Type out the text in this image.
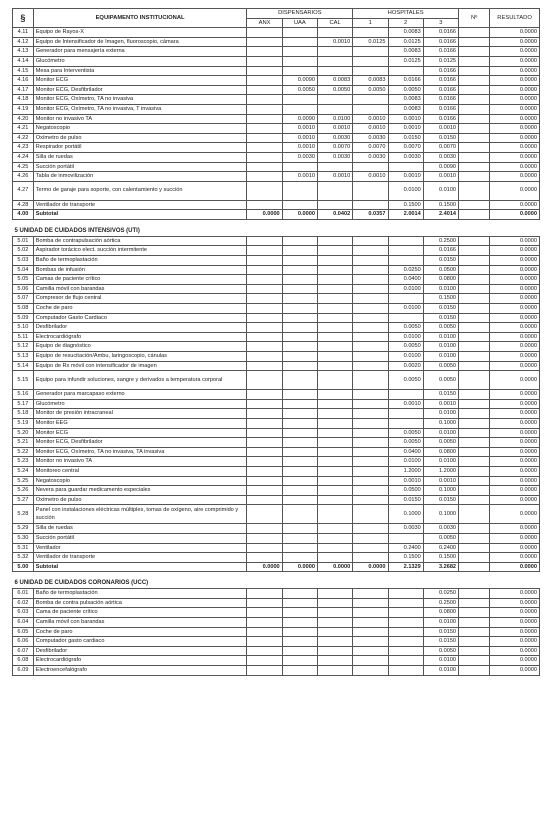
§	EQUIPAMENTO INSTITUCIONAL	DISPENSARIOS			HOSPITALES			Nº	RESULTADO
		ANX	UAA	CAL	1	2	3		
4.11	Equipo de Rayos-X					0.0083	0.0166		0.0000
4.12	Equipo de Intensificador de Imagen, fluoroscopio, cámara			0.0010	0.0125	0.0125	0.0166		0.0000
4.13	Generador para mensajería externa					0.0083	0.0166		0.0000
4.14	Glucómetro					0.0125	0.0125		0.0000
4.15	Mesa para Interventista						0.0166		0.0000
4.16	Monitor ECG		0.0090	0.0083	0.0083	0.0166	0.0166		0.0000
4.17	Monitor ECG, Desfibrilador		0.0050	0.0050	0.0050	0.0050	0.0166		0.0000
4.18	Monitor ECG, Oxímetro, TA no invasiva					0.0083	0.0166		0.0000
4.19	Monitor ECG, Oxímetro, TA no invasiva, T invasiva					0.0083	0.0166		0.0000
4.20	Monitor no invasivo TA		0.0090	0.0100	0.0010	0.0010	0.0166		0.0000
4.21	Negatoscopio		0.0010	0.0010	0.0010	0.0010	0.0010		0.0000
4.22	Oxímetro de pulso		0.0010	0.0030	0.0030	0.0150	0.0150		0.0000
4.23	Respirador portátil		0.0010	0.0070	0.0070	0.0070	0.0070		0.0000
4.24	Silla de ruedas		0.0030	0.0030	0.0030	0.0030	0.0030		0.0000
4.25	Succión portátil						0.0090		0.0000
4.26	Tabla de inmovilización		0.0010	0.0010	0.0010	0.0010	0.0010		0.0000
4.27	Termo de garaje para soporte, con calentamiento y succión					0.0100	0.0100		0.0000
4.28	Ventilador de transporte					0.1500	0.1500		0.0000
4.00	Subtotal	0.0000	0.0000	0.0402	0.0357	2.0014	2.4014		0.0000
5 UNIDAD DE CUIDADOS INTENSIVOS (UTI)									
5.01	Bomba de contrapulsación aórtica						0.2500		0.0000
5.02	Aspirador torácico elect. succión intermitente						0.0166		0.0000
5.03	Baño de termoplastación						0.0150		0.0000
5.04	Bombas de infusión					0.0250	0.0500		0.0000
5.05	Camas de paciente crítico					0.0400	0.0800		0.0000
5.06	Camilla móvil con barandas					0.0100	0.0100		0.0000
5.07	Compresor de flujo central						0.1500		0.0000
5.08	Coche de paro					0.0100	0.0150		0.0000
5.09	Computador Gasto Cardiaco						0.0150		0.0000
5.10	Desfibrilador					0.0050	0.0050		0.0000
5.11	Electrocardiógrafo					0.0100	0.0100		0.0000
5.12	Equipo de diagnóstico					0.0050	0.0100		0.0000
5.13	Equipo de resucitación/Ambu, laringoscopio, cánulas					0.0100	0.0100		0.0000
5.14	Equipo de Rx móvil con intensificador de imagen					0.0020	0.0050		0.0000
5.15	Equipo para infundir soluciones, sangre y derivados a temperatura corporal					0.0050	0.0050		0.0000
5.16	Generador para marcapaso externo						0.0150		0.0000
5.17	Glucómetro					0.0010	0.0010		0.0000
5.18	Monitor de presión intracraneal						0.0100		0.0000
5.19	Monitor EEG						0.1000		0.0000
5.20	Monitor ECG					0.0050	0.0100		0.0000
5.21	Monitor ECG, Desfibrilador					0.0050	0.0050		0.0000
5.22	Monitor ECG, Oxímetro, TA no invasiva, TA invasiva					0.0400	0.0800		0.0000
5.23	Monitor no invasivo TA					0.0100	0.0100		0.0000
5.24	Monitoreo central					1.2000	1.2000		0.0000
5.25	Negatoscopio					0.0010	0.0010		0.0000
5.26	Nevera para guardar medicamento especiales					0.0500	0.1000		0.0000
5.27	Oxímetro de pulso					0.0150	0.0150		0.0000
5.28	Panel con instalaciones eléctricas múltiples, tomas de oxígeno, aire comprimido y succión					0.1000	0.1000		0.0000
5.29	Silla de ruedas					0.0030	0.0030		0.0000
5.30	Succión portátil						0.0050		0.0000
5.31	Ventilador					0.2400	0.2400		0.0000
5.32	Ventilador de transporte					0.1500	0.1500		0.0000
5.00	Subtotal	0.0000	0.0000	0.0000	0.0000	2.1329	3.2682		0.0000
6 UNIDAD DE CUIDADOS CORONARIOS (UCC)									
6.01	Baño de termoplastación						0.0250		0.0000
6.02	Bomba de contra pulsación aórtica						0.2500		0.0000
6.03	Cama de paciente crítico						0.0800		0.0000
6.04	Camilla móvil con barandas						0.0100		0.0000
6.05	Coche de paro						0.0150		0.0000
6.06	Computador gasto cardiaco						0.0150		0.0000
6.07	Desfibrilador						0.0050		0.0000
6.08	Electrocardiógrafo						0.0100		0.0000
6.09	Electroencefalógrafo						0.0100		0.0000
